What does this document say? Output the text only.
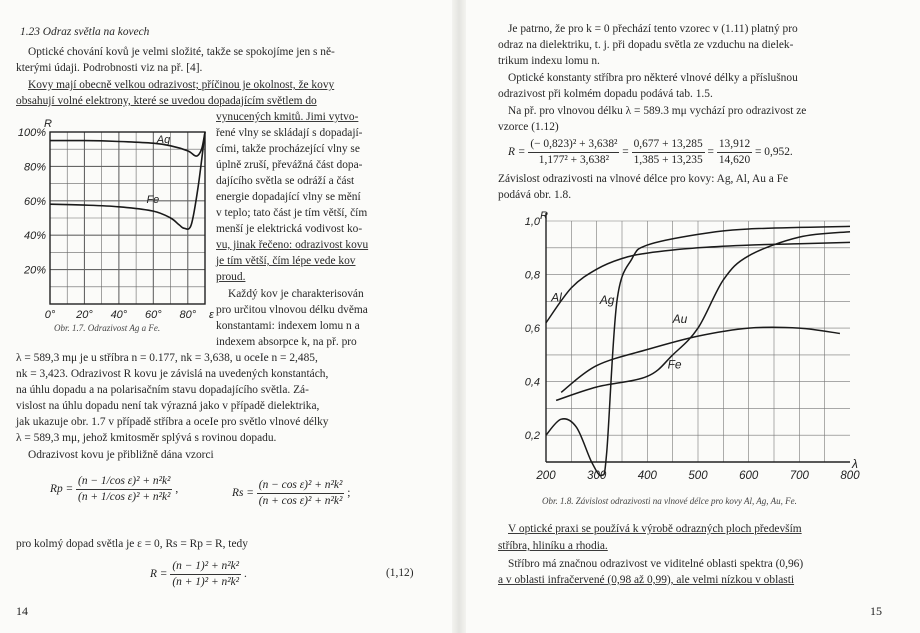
1.23 Odraz světla na kovech
Optické chování kovů je velmi složité, takže se spokojíme jen s ně-
kterými údaji. Podrobnosti viz na př. [4].
Kovy mají obecně velkou odrazivost; příčinou je okolnost, že kovy
obsahují volné elektrony, které se uvedou dopadajícím světlem do
vynucených kmitů. Jimi vytvo-
řené vlny se skládají s dopadají-
cími, takže procházející vlny se
úplně zruší, převážná část dopa-
dajícího světla se odráží a část
energie dopadající vlny se mění
v teplo; tato část je tím větší, čím
menší je elektrická vodivost ko-
vu, jinak řečeno: odrazivost kovu
je tím větší, čím lépe vede kov
proud.
Každý kov je charakterisován
pro určitou vlnovou délku dvěma
konstantami: indexem lomu n a
indexem absorpce k, na př. pro
100%
80%
60%
40%
20%
0° 20° 40° 60° 80°
R
ε
Ag
Fe
Obr. 1.7. Odrazivost Ag a Fe.
λ = 589,3 mμ je u stříbra n = 0.177, nk = 3,638, u oceIe n = 2,485,
nk = 3,423. Odrazivost R kovu je závislá na uvedených konstantách,
na úhlu dopadu a na polarisačním stavu dopadajícího světla. Zá-
vislost na úhlu dopadu není tak výrazná jako v případě dielektrika,
jak ukazuje obr. 1.7 v případě stříbra a oceIe pro světlo vlnové délky
λ = 589,3 mμ, jehož kmitosměr splývá s rovinou dopadu.
Odrazivost kovu je přibližně dána vzorci
$Rp = \frac{\text{(n − 1/cos ε)² + n²k²}}{\text{(n + 1/cos ε)² + n²k²}}$ ,	$Rs = \frac{\text{(n − cos ε)² + n²k²}}{\text{(n + cos ε)² + n²k²}}$ ;
pro kolmý dopad světla je ε = 0, Rs = Rp = R, tedy
$R = \frac{\text{(n − 1)² + n²k²}}{\text{(n + 1)² + n²k²}}$ .	(1,12)
14
Je patrno, že pro k = 0 přechází tento vzorec v (1.11) platný pro
odraz na dielektriku, t. j. při dopadu světla ze vzduchu na dielek-
trikum indexu lomu n.
Optické konstanty stříbra pro některé vlnové délky a příslušnou
odrazivost při kolmém dopadu podává tab. 1.5.
Na př. pro vlnovou délku λ = 589.3 mμ vychází pro odrazivost ze
vzorce (1.12)
$R = \frac{\text{(− 0,823)² + 3,638²}}{\text{1,177² + 3,638²}} = \frac{0,677 + 13,285}{1,385 + 13,235} = \frac{13,912}{14,620} = 0,952$.
Závislost odrazivosti na vlnové délce pro kovy: Ag, Al, Au a Fe
podává obr. 1.8.
1,0
0,8
0,6
0,4
0,2
200	300	400	500	600	700	800
R
λ
Al	Ag
Au
Fe
Obr. 1.8. Závislost odrazivosti na vlnové délce pro kovy Al, Ag, Au, Fe.
V optické praxi se používá k výrobě odrazných ploch především
stříbra, hliníku a rhodia.
Stříbro má značnou odrazivost ve viditelné oblasti spektra (0,96)
a v oblasti infračervené (0,98 až 0,99), ale velmi nízkou v oblasti
15
